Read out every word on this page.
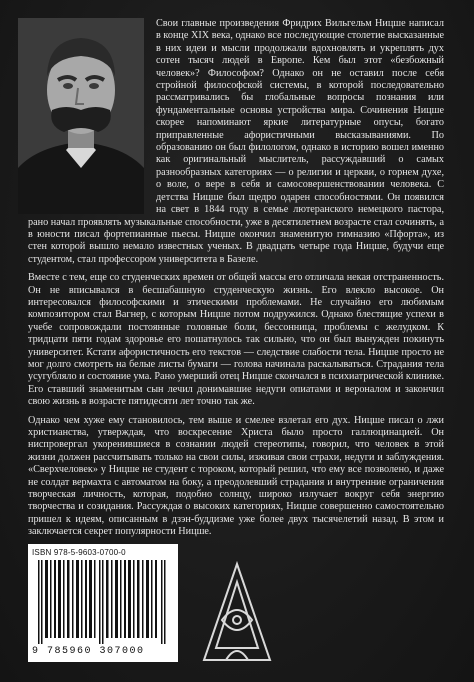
Свои главные произведения Фридрих Вильгельм Ницше написал в конце XIX века, однако все последующие столетие высказанные в них идеи и мысли продолжали вдохновлять и укреплять дух сотен тысяч людей в Европе. Кем был этот «безбожный человек»? Философом? Однако он не оставил после себя стройной философской системы, в которой последовательно рассматривались бы глобальные вопросы познания или фундаментальные основы устройства мира. Сочинения Ницше скорее напоминают яркие литературные опусы, богато приправленные афористичными высказываниями. По образованию он был филологом, однако в историю вошел именно как оригинальный мыслитель, рассуждавший о самых разнообразных категориях — о религии и церкви, о горнем духе, о воле, о вере в себя и самосовершенствовании человека. С детства Ницше был щедро одарен способностями. Он появился на свет в 1844 году в семье лютеранского немецкого пастора, рано начал проявлять музыкальные способности, уже в десятилетнем возрасте стал сочинять, а в юности писал фортепианные пьесы. Ницше окончил знаменитую гимназию «Пфорта», из стен которой вышло немало известных ученых. В двадцать четыре года Ницше, будучи еще студентом, стал профессором университета в Базеле.

Вместе с тем, еще со студенческих времен от общей массы его отличала некая отстраненность. Он не вписывался в бесшабашную студенческую жизнь. Его влекло высокое. Он интересовался философскими и этическими проблемами. Не случайно его любимым композитором стал Вагнер, с которым Ницше потом подружился. Однако блестящие успехи в учебе сопровождали постоянные головные боли, бессонница, проблемы с желудком. К тридцати пяти годам здоровье его пошатнулось так сильно, что он был вынужден покинуть университет. Кстати афористичность его текстов — следствие слабости тела. Ницше просто не мог долго смотреть на белые листы бумаги — голова начинала раскалываться. Страдания тела усугубляло и состояние ума. Рано умерший отец Ницше скончался в психиатрической клинике. Его ставший знаменитым сын лечил донимавшие недуги опиатами и вероналом и закончил свою жизнь в возрасте пятидесяти лет точно так же.

Однако чем хуже ему становилось, тем выше и смелее взлетал его дух. Ницше писал о лжи христианства, утверждая, что воскресение Христа было просто галлюцинацией. Он ниспровергал укоренившиеся в сознании людей стереотипы, говорил, что человек в этой жизни должен рассчитывать только на свои силы, изживая свои страхи, недуги и заблуждения. «Сверхчеловек» у Ницше не студент с тороком, который решил, что ему все позволено, и даже не солдат вермахта с автоматом на боку, а преодолевший страдания и внутренние ограничения творческая личность, которая, подобно солнцу, широко излучает вокруг себя энергию творчества и созидания. Рассуждая о высоких категориях, Ницше совершенно самостоятельно пришел к идеям, описанным в дзэн-буддизме уже более двух тысячелетий назад. В этом и заключается секрет популярности Ницше.

ISBN 978-5-9603-0700-0
9 785960 307000
